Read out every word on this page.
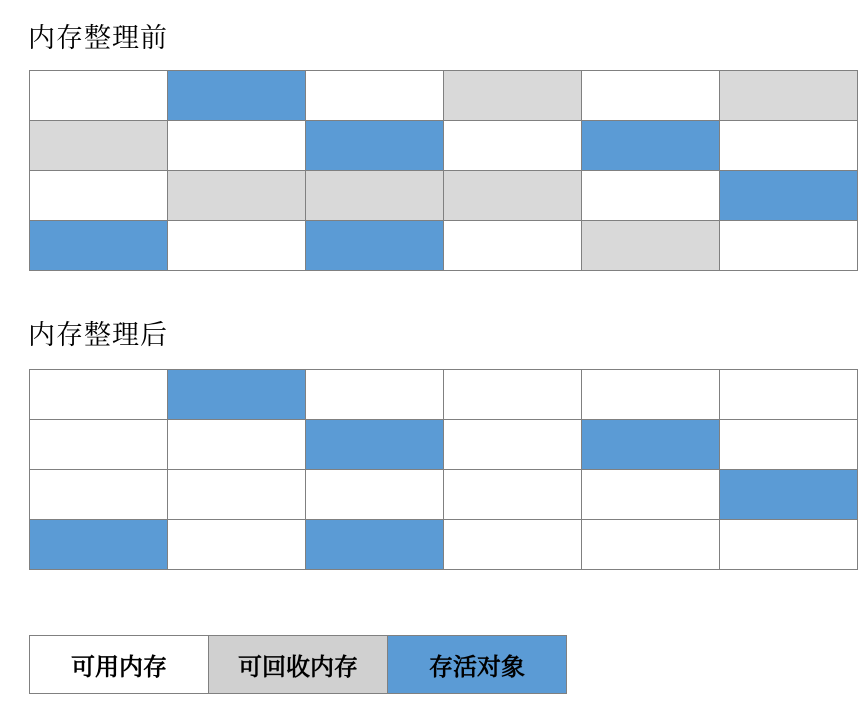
内存整理前

内存整理后

可用内存	可回收内存	存活对象
